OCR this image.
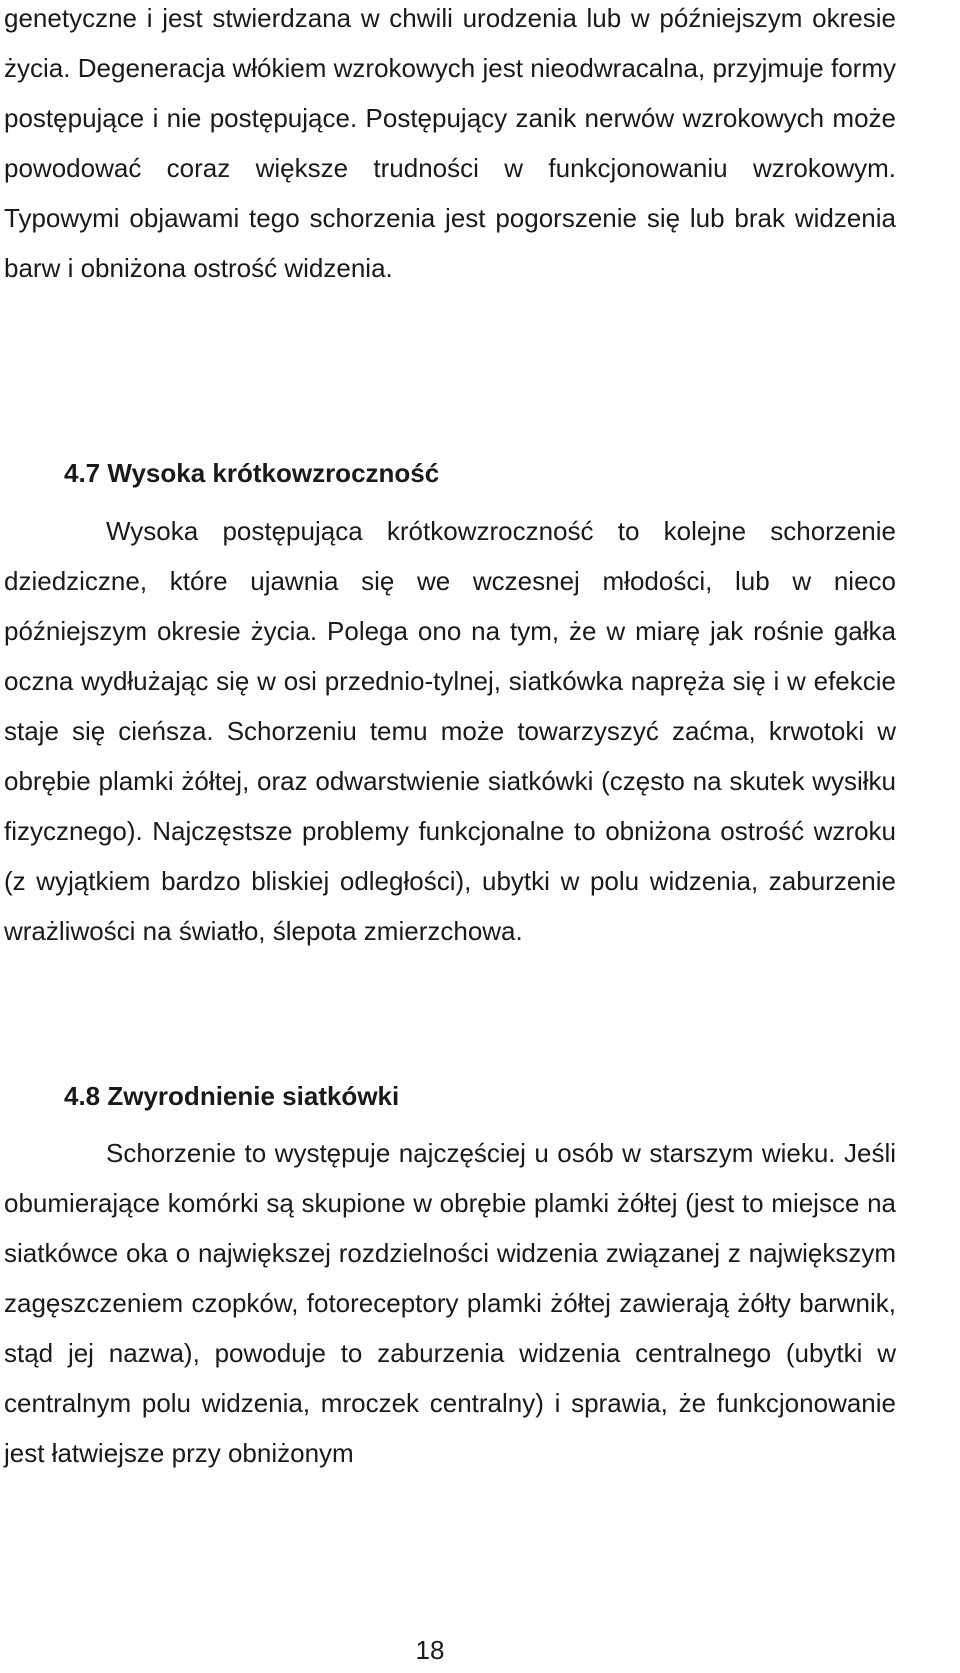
genetyczne i jest stwierdzana w chwili urodzenia lub w późniejszym okresie życia. Degeneracja włókiem wzrokowych jest nieodwracalna, przyjmuje formy postępujące i nie postępujące. Postępujący zanik nerwów wzrokowych może powodować coraz większe trudności w funkcjonowaniu wzrokowym. Typowymi objawami tego schorzenia jest pogorszenie się lub brak widzenia barw i obniżona ostrość widzenia.

4.7 Wysoka krótkowzroczność

Wysoka postępująca krótkowzroczność to kolejne schorzenie dziedziczne, które ujawnia się we wczesnej młodości, lub w nieco późniejszym okresie życia. Polega ono na tym, że w miarę jak rośnie gałka oczna wydłużając się w osi przednio-tylnej, siatkówka napręża się i w efekcie staje się cieńsza. Schorzeniu temu może towarzyszyć zaćma, krwotoki w obrębie plamki żółtej, oraz odwarstwienie siatkówki (często na skutek wysiłku fizycznego). Najczęstsze problemy funkcjonalne to obniżona ostrość wzroku (z wyjątkiem bardzo bliskiej odległości), ubytki w polu widzenia, zaburzenie wrażliwości na światło, ślepota zmierzchowa.

4.8 Zwyrodnienie siatkówki

Schorzenie to występuje najczęściej u osób w starszym wieku. Jeśli obumierające komórki są skupione w obrębie plamki żółtej (jest to miejsce na siatkówce oka o największej rozdzielności widzenia związanej z największym zagęszczeniem czopków, fotoreceptory plamki żółtej zawierają żółty barwnik, stąd jej nazwa), powoduje to zaburzenia widzenia centralnego (ubytki w centralnym polu widzenia, mroczek centralny) i sprawia, że funkcjonowanie jest łatwiejsze przy obniżonym

18
